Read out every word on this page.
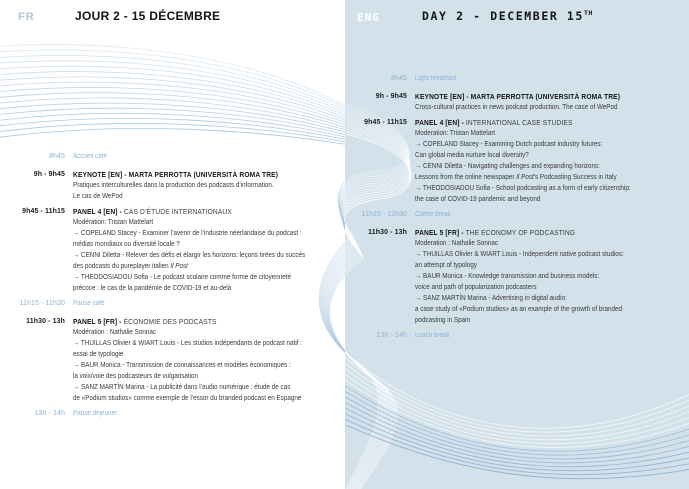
FR	JOUR 2 - 15 DÉCEMBRE	ENG	DAY 2 - DECEMBER 15TH
8h45 Accueil café
9h - 9h45 KEYNOTE [EN] - MARTA PERROTTA (UNIVERSITÀ ROMA TRE)
Pratiques interculturelles dans la production des podcasts d’information.
Le cas de WePod
9h45 - 11h15 PANEL 4 [EN] - CAS D’ÉTUDE INTERNATIONAUX
Modération: Tristan Mattelart
→ COPELAND Stacey - Examiner l’avenir de l’industrie néerlandaise du podcast :
médias mondiaux ou diversité locale ?
→ CENNI Diletta - Relever des défis et élargir les horizons: leçons tirées du succès
des podcasts du pureplayer italien Il Post
→ THEODOSIADOU Sofia - Le podcast scolaire comme forme de citoyenneté
précoce : le cas de la pandémie de COVID-19 et au-delà
11h15 - 11h30 Pause café
11h30 - 13h PANEL 5 [FR] - ÉCONOMIE DES PODCASTS
Modération : Nathalie Sonnac
→ THUILLAS Olivier & WIART Louis - Les studios indépendants de podcast natif :
essai de typologie
→ BAUR Monica - Transmission de connaissances et modèles économiques :
la voix/voie des podcasteurs de vulgarisation
→ SANZ MARTÍN Marina - La publicité dans l’audio numérique : étude de cas
de «Podium studios» comme exemple de l’essor du branded podcast en Espagne
13h - 14h Pause déjeuner
8h45 Light breakfast
9h - 9h45 KEYNOTE [EN] - MARTA PERROTTA (UNIVERSITÀ ROMA TRE)
Cross-cultural practices in news podcast production. The case of WePod
9h45 - 11h15 PANEL 4 [EN] - INTERNATIONAL CASE STUDIES
Moderation: Tristan Mattelart
→ COPELAND Stacey - Examining Dutch podcast industry futures:
Can global media nurture local diversity?
→ CENNI Diletta - Navigating challenges and expanding horizons:
Lessons from the online newspaper Il Post’s Podcasting Success in Italy
→ THEODOSIADOU Sofia - School podcasting as a form of early citizenship:
the case of COVID-19 pandemic and beyond
11h15 - 11h30 Coffee break
11h30 - 13h PANEL 5 [FR] - THE ECONOMY OF PODCASTING
Moderation : Nathalie Sonnac
→ THUILLAS Olivier & WIART Louis - Independent native podcast studios:
an attempt of typology
→ BAUR Monica - Knowledge transmission and business models:
voice and path of popularization podcasters
→ SANZ MARTÍN Marina - Advertising in digital audio:
a case study of «Podium studios» as an example of the growth of branded
podcasting in Spain
13h - 14h Lunch break
